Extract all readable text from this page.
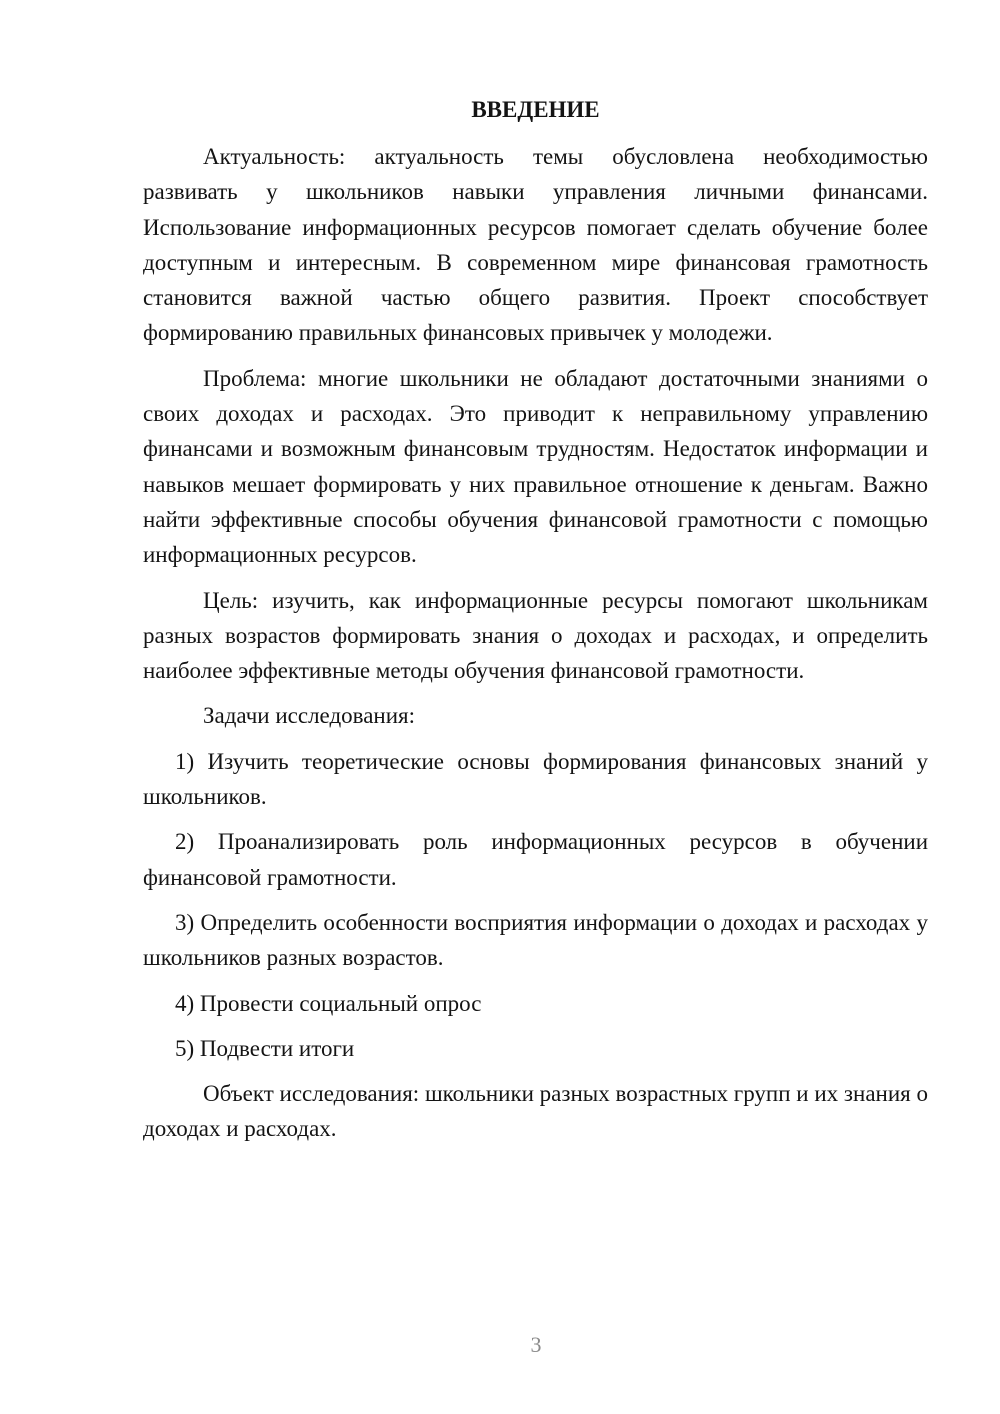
ВВЕДЕНИЕ

Актуальность: актуальность темы обусловлена необходимостью развивать у школьников навыки управления личными финансами. Использование информационных ресурсов помогает сделать обучение более доступным и интересным. В современном мире финансовая грамотность становится важной частью общего развития. Проект способствует формированию правильных финансовых привычек у молодежи.

Проблема: многие школьники не обладают достаточными знаниями о своих доходах и расходах. Это приводит к неправильному управлению финансами и возможным финансовым трудностям. Недостаток информации и навыков мешает формировать у них правильное отношение к деньгам. Важно найти эффективные способы обучения финансовой грамотности с помощью информационных ресурсов.

Цель: изучить, как информационные ресурсы помогают школьникам разных возрастов формировать знания о доходах и расходах, и определить наиболее эффективные методы обучения финансовой грамотности.

Задачи исследования:

1) Изучить теоретические основы формирования финансовых знаний у школьников.

2) Проанализировать роль информационных ресурсов в обучении финансовой грамотности.

3) Определить особенности восприятия информации о доходах и расходах у школьников разных возрастов.

4) Провести социальный опрос

5) Подвести итоги

Объект исследования: школьники разных возрастных групп и их знания о доходах и расходах.

3
